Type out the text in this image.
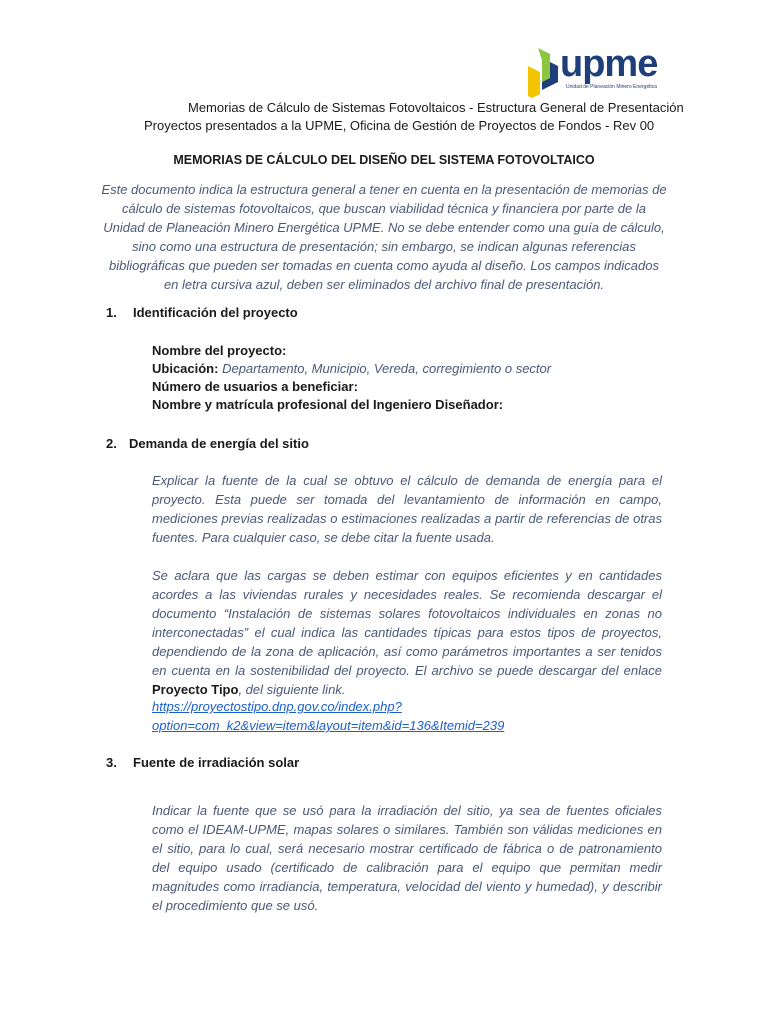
upme
Unidad de Planeación Minero Energética
Memorias de Cálculo de Sistemas Fotovoltaicos - Estructura General de Presentación
Proyectos presentados a la UPME, Oficina de Gestión de Proyectos de Fondos - Rev 00
MEMORIAS DE CÁLCULO DEL DISEÑO DEL SISTEMA FOTOVOLTAICO
Este documento indica la estructura general a tener en cuenta en la presentación de memorias de cálculo de sistemas fotovoltaicos, que buscan viabilidad técnica y financiera por parte de la Unidad de Planeación Minero Energética UPME. No se debe entender como una guía de cálculo, sino como una estructura de presentación; sin embargo, se indican algunas referencias bibliográficas que pueden ser tomadas en cuenta como ayuda al diseño. Los campos indicados en letra cursiva azul, deben ser eliminados del archivo final de presentación.
1. Identificación del proyecto
Nombre del proyecto:
Ubicación: Departamento, Municipio, Vereda, corregimiento o sector
Número de usuarios a beneficiar:
Nombre y matrícula profesional del Ingeniero Diseñador:
2. Demanda de energía del sitio
Explicar la fuente de la cual se obtuvo el cálculo de demanda de energía para el proyecto. Esta puede ser tomada del levantamiento de información en campo, mediciones previas realizadas o estimaciones realizadas a partir de referencias de otras fuentes. Para cualquier caso, se debe citar la fuente usada.
Se aclara que las cargas se deben estimar con equipos eficientes y en cantidades acordes a las viviendas rurales y necesidades reales. Se recomienda descargar el documento “Instalación de sistemas solares fotovoltaicos individuales en zonas no interconectadas” el cual indica las cantidades típicas para estos tipos de proyectos, dependiendo de la zona de aplicación, así como parámetros importantes a ser tenidos en cuenta en la sostenibilidad del proyecto. El archivo se puede descargar del enlace Proyecto Tipo, del siguiente link.
https://proyectostipo.dnp.gov.co/index.php?
option=com_k2&view=item&layout=item&id=136&Itemid=239
3. Fuente de irradiación solar
Indicar la fuente que se usó para la irradiación del sitio, ya sea de fuentes oficiales como el IDEAM-UPME, mapas solares o similares. También son válidas mediciones en el sitio, para lo cual, será necesario mostrar certificado de fábrica o de patronamiento del equipo usado (certificado de calibración para el equipo que permitan medir magnitudes como irradiancia, temperatura, velocidad del viento y humedad), y describir el procedimiento que se usó.
